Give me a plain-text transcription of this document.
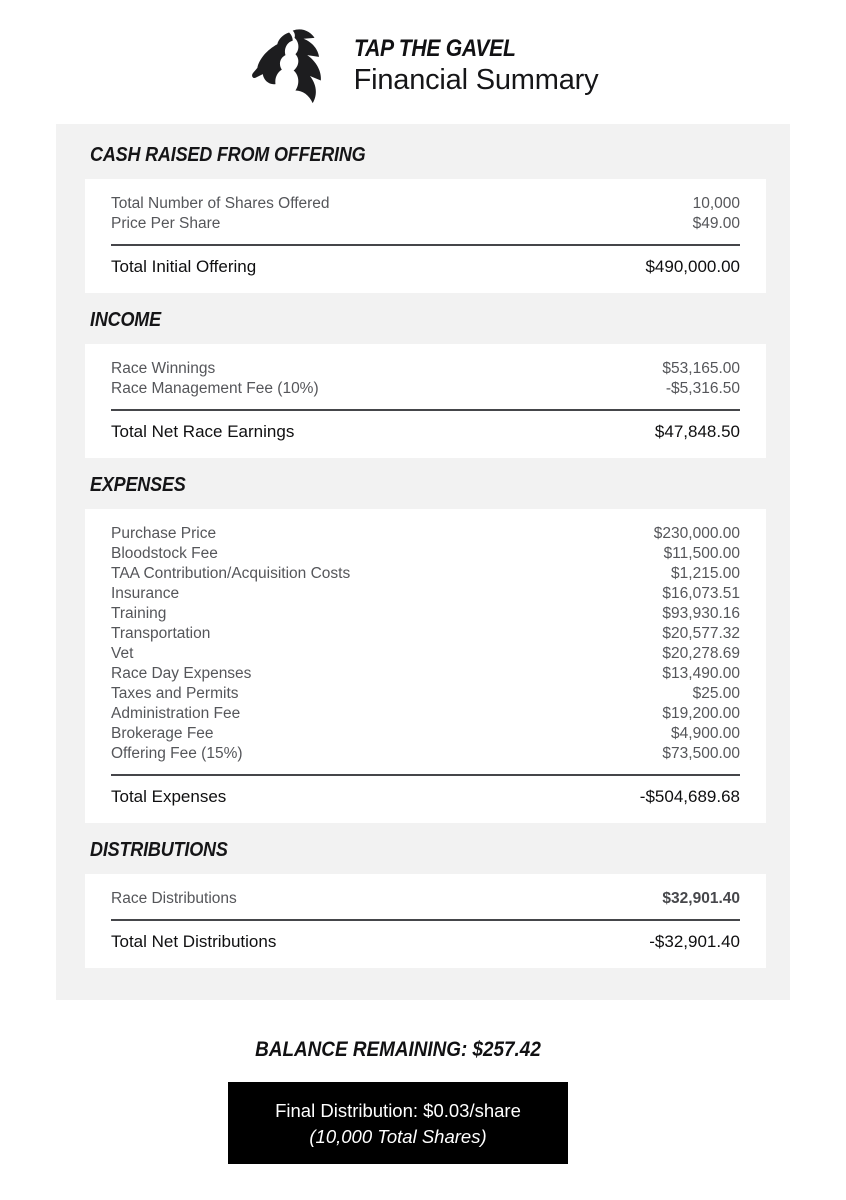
TAP THE GAVEL
Financial Summary
CASH RAISED FROM OFFERING
Total Number of Shares Offered	10,000
Price Per Share	$49.00
Total Initial Offering	$490,000.00
INCOME
Race Winnings	$53,165.00
Race Management Fee (10%)	-$5,316.50
Total Net Race Earnings	$47,848.50
EXPENSES
Purchase Price	$230,000.00
Bloodstock Fee	$11,500.00
TAA Contribution/Acquisition Costs	$1,215.00
Insurance	$16,073.51
Training	$93,930.16
Transportation	$20,577.32
Vet	$20,278.69
Race Day Expenses	$13,490.00
Taxes and Permits	$25.00
Administration Fee	$19,200.00
Brokerage Fee	$4,900.00
Offering Fee (15%)	$73,500.00
Total Expenses	-$504,689.68
DISTRIBUTIONS
Race Distributions	$32,901.40
Total Net Distributions	-$32,901.40
BALANCE REMAINING: $257.42
Final Distribution: $0.03/share
(10,000 Total Shares)
